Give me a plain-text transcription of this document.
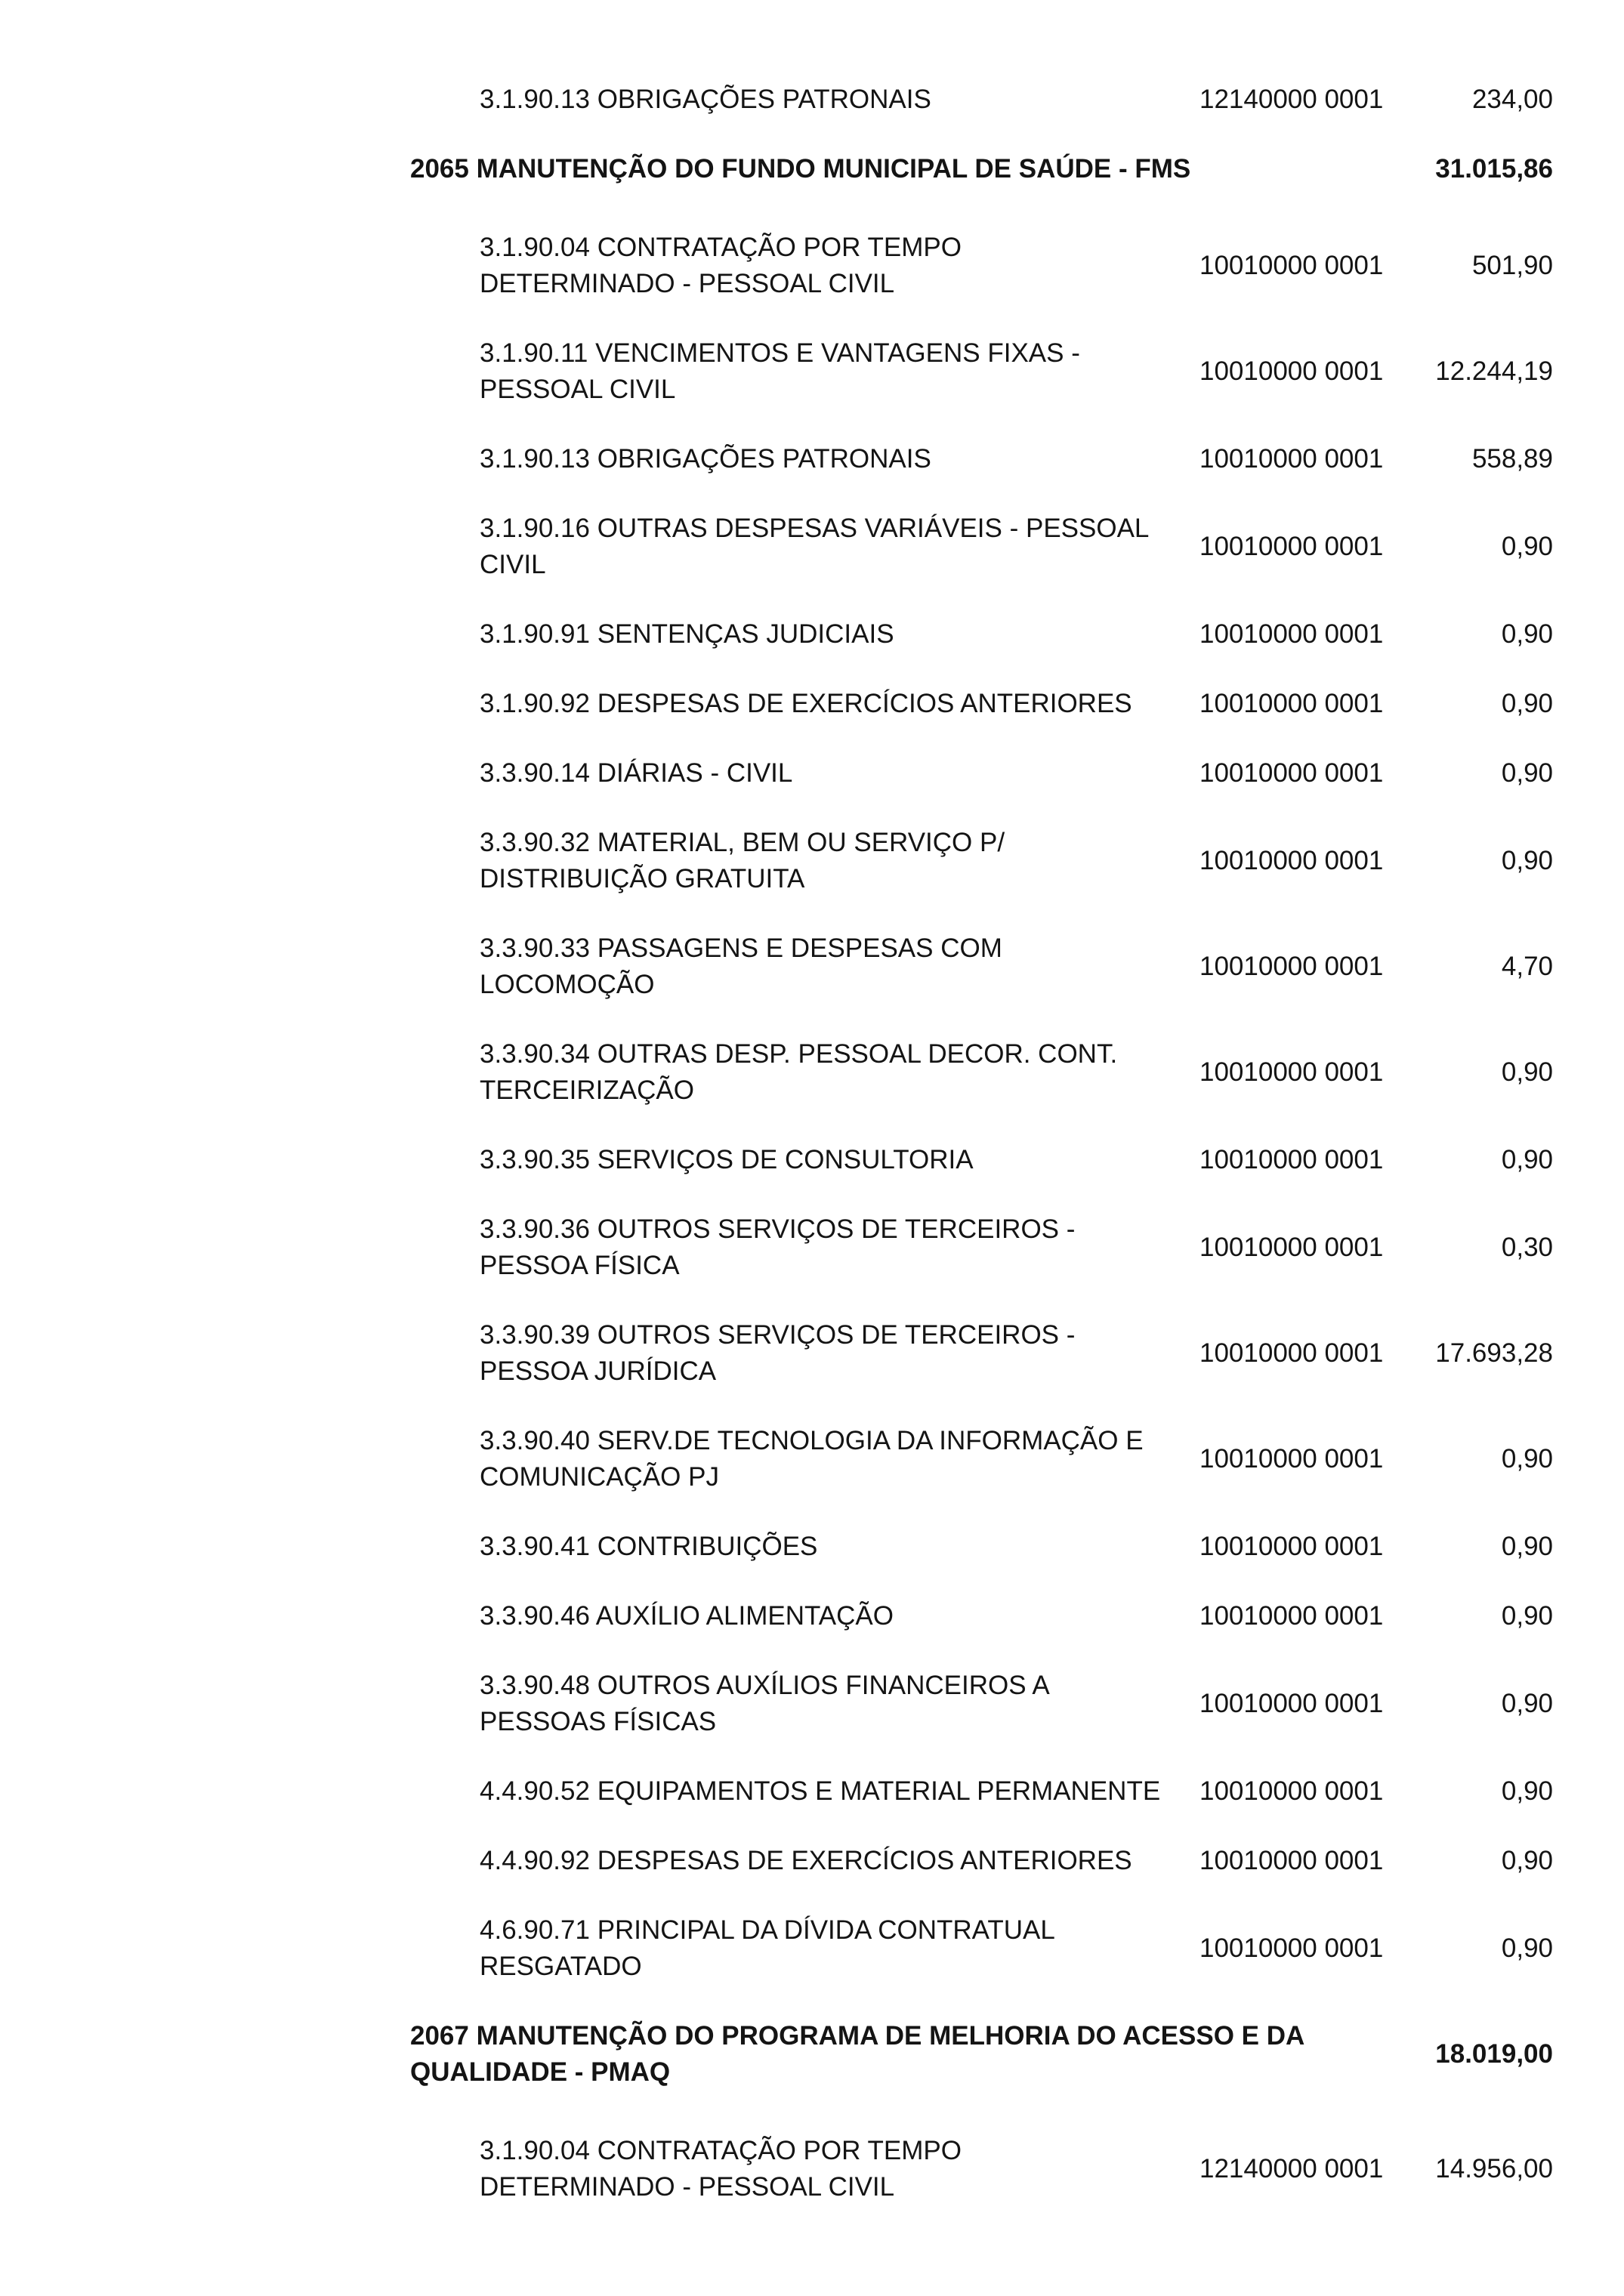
3.1.90.13 OBRIGAÇÕES PATRONAIS	12140000 0001	234,00
2065 MANUTENÇÃO DO FUNDO MUNICIPAL DE SAÚDE - FMS	31.015,86
3.1.90.04 CONTRATAÇÃO POR TEMPO
DETERMINADO - PESSOAL CIVIL
10010000 0001	501,90
3.1.90.11 VENCIMENTOS E VANTAGENS FIXAS -
PESSOAL CIVIL
10010000 0001 12.244,19
3.1.90.13 OBRIGAÇÕES PATRONAIS	10010000 0001	558,89
3.1.90.16 OUTRAS DESPESAS VARIÁVEIS - PESSOAL
CIVIL
10010000 0001	0,90
3.1.90.91 SENTENÇAS JUDICIAIS	10010000 0001	0,90
3.1.90.92 DESPESAS DE EXERCÍCIOS ANTERIORES	10010000 0001	0,90
3.3.90.14 DIÁRIAS - CIVIL	10010000 0001	0,90
3.3.90.32 MATERIAL, BEM OU SERVIÇO P/
DISTRIBUIÇÃO GRATUITA
10010000 0001	0,90
3.3.90.33 PASSAGENS E DESPESAS COM
LOCOMOÇÃO
10010000 0001	4,70
3.3.90.34 OUTRAS DESP. PESSOAL DECOR. CONT.
TERCEIRIZAÇÃO
10010000 0001	0,90
3.3.90.35 SERVIÇOS DE CONSULTORIA	10010000 0001	0,90
3.3.90.36 OUTROS SERVIÇOS DE TERCEIROS -
PESSOA FÍSICA
10010000 0001	0,30
3.3.90.39 OUTROS SERVIÇOS DE TERCEIROS -
PESSOA JURÍDICA
10010000 0001 17.693,28
3.3.90.40 SERV.DE TECNOLOGIA DA INFORMAÇÃO E
COMUNICAÇÃO PJ
10010000 0001	0,90
3.3.90.41 CONTRIBUIÇÕES	10010000 0001	0,90
3.3.90.46 AUXÍLIO ALIMENTAÇÃO	10010000 0001	0,90
3.3.90.48 OUTROS AUXÍLIOS FINANCEIROS A
PESSOAS FÍSICAS
10010000 0001	0,90
4.4.90.52 EQUIPAMENTOS E MATERIAL PERMANENTE	10010000 0001	0,90
4.4.90.92 DESPESAS DE EXERCÍCIOS ANTERIORES	10010000 0001	0,90
4.6.90.71 PRINCIPAL DA DÍVIDA CONTRATUAL
RESGATADO
10010000 0001	0,90
2067 MANUTENÇÃO DO PROGRAMA DE MELHORIA DO ACESSO E DA
QUALIDADE - PMAQ
18.019,00
3.1.90.04 CONTRATAÇÃO POR TEMPO
DETERMINADO - PESSOAL CIVIL
12140000 0001 14.956,00
